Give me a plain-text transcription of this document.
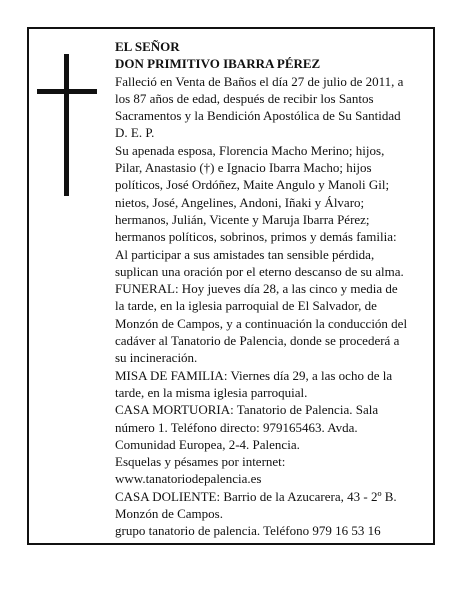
EL SEÑOR
DON PRIMITIVO IBARRA PÉREZ
Falleció en Venta de Baños el día 27 de julio de 2011, a
los 87 años de edad, después de recibir los Santos
Sacramentos y la Bendición Apostólica de Su Santidad
D. E. P.
Su apenada esposa, Florencia Macho Merino; hijos,
Pilar, Anastasio (†) e Ignacio Ibarra Macho; hijos
políticos, José Ordóñez, Maite Angulo y Manoli Gil;
nietos, José, Angelines, Andoni, Iñaki y Álvaro;
hermanos, Julián, Vicente y Maruja Ibarra Pérez;
hermanos políticos, sobrinos, primos y demás familia:
Al participar a sus amistades tan sensible pérdida,
suplican una oración por el eterno descanso de su alma.
FUNERAL: Hoy jueves día 28, a las cinco y media de
la tarde, en la iglesia parroquial de El Salvador, de
Monzón de Campos, y a continuación la conducción del
cadáver al Tanatorio de Palencia, donde se procederá a
su incineración.
MISA DE FAMILIA: Viernes día 29, a las ocho de la
tarde, en la misma iglesia parroquial.
CASA MORTUORIA: Tanatorio de Palencia. Sala
número 1. Teléfono directo: 979165463. Avda.
Comunidad Europea, 2-4. Palencia.
Esquelas y pésames por internet:
www.tanatoriodepalencia.es
CASA DOLIENTE: Barrio de la Azucarera, 43 - 2º B.
Monzón de Campos.
grupo tanatorio de palencia. Teléfono 979 16 53 16
